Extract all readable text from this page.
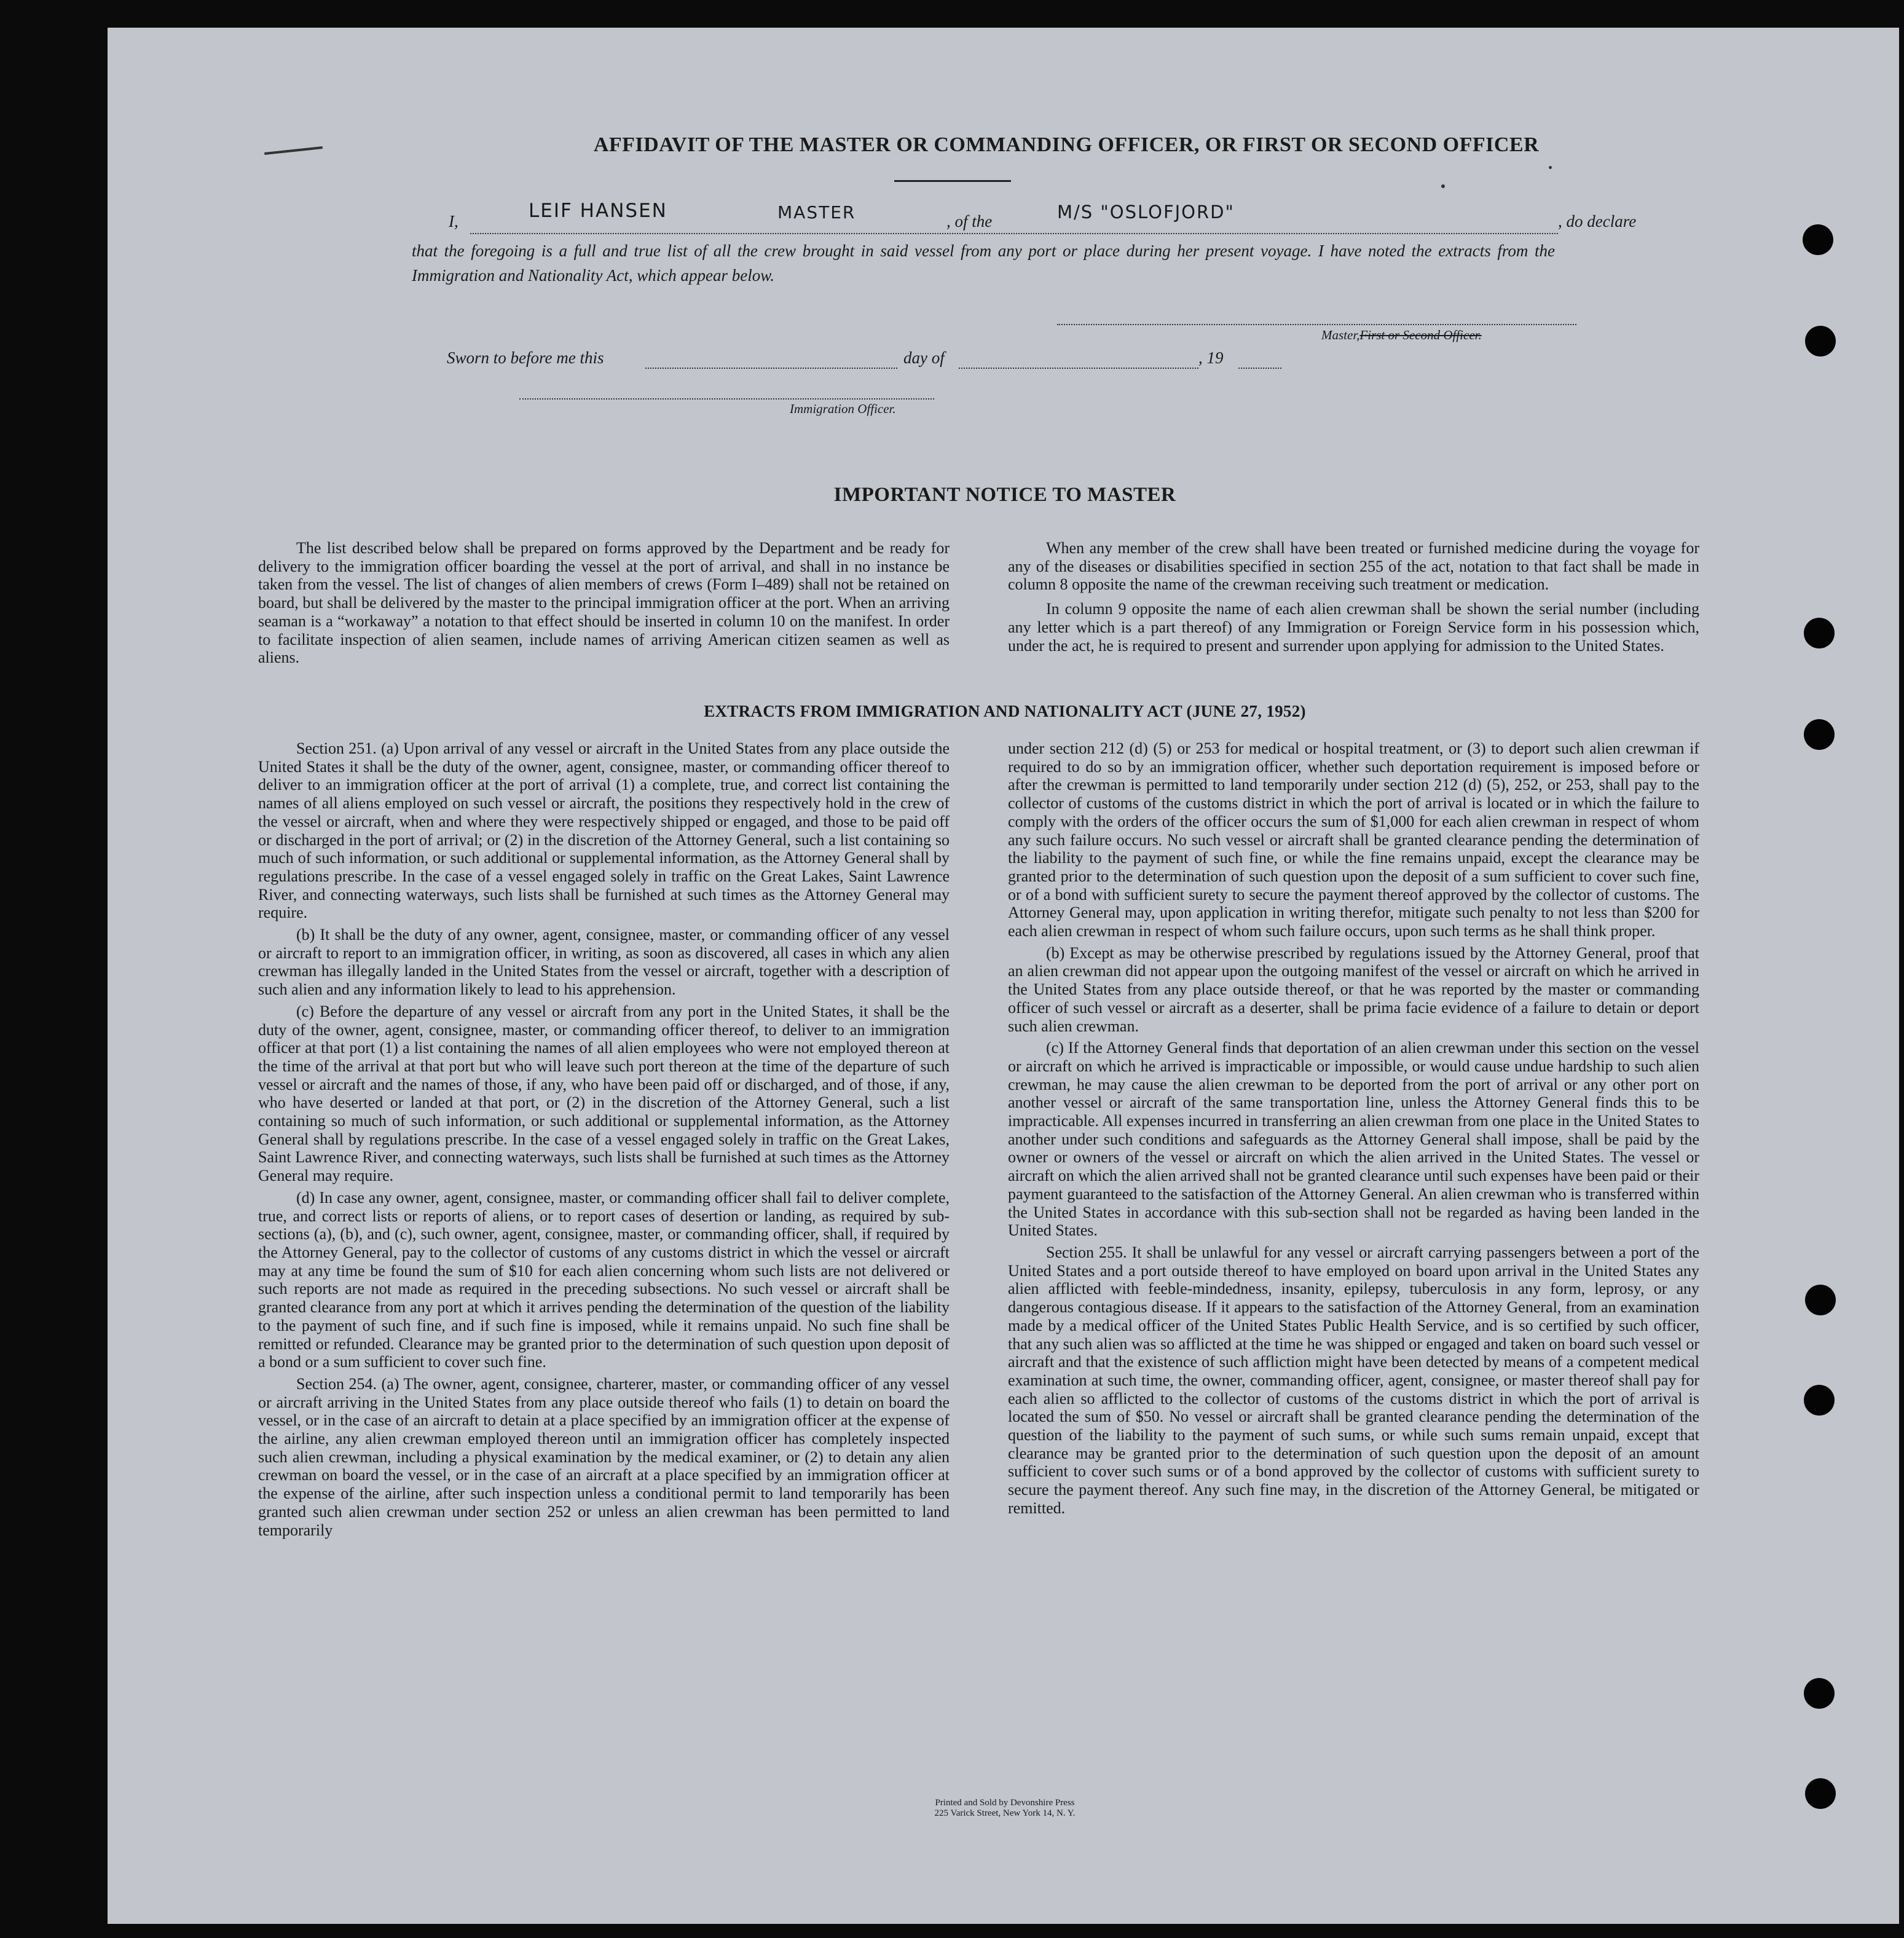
AFFIDAVIT OF THE MASTER OR COMMANDING OFFICER, OR FIRST OR SECOND OFFICER
I,	LEIF HANSEN	MASTER	, of the	M/S "OSLOFJORD"	, do declare
that the foregoing is a full and true list of all the crew brought in said vessel from any port or place during her present voyage. I have noted the extracts from the Immigration and Nationality Act, which appear below.
Master,First or Second Officer.
Sworn to before me this	day of	, 19
Immigration Officer.
IMPORTANT NOTICE TO MASTER

The list described below shall be prepared on forms approved by the Department and be ready for delivery to the immigration officer boarding the vessel at the port of arrival, and shall in no instance be taken from the vessel. The list of changes of alien members of crews (Form I–489) shall not be retained on board, but shall be delivered by the master to the principal immigration officer at the port. When an arriving seaman is a “workaway” a notation to that effect should be inserted in column 10 on the manifest. In order to facilitate inspection of alien seamen, include names of arriving American citizen seamen as well as aliens.

When any member of the crew shall have been treated or furnished medicine during the voyage for any of the diseases or disabilities specified in section 255 of the act, notation to that fact shall be made in column 8 opposite the name of the crewman receiving such treatment or medication.

In column 9 opposite the name of each alien crewman shall be shown the serial number (including any letter which is a part thereof) of any Immigration or Foreign Service form in his possession which, under the act, he is required to present and surrender upon applying for admission to the United States.

EXTRACTS FROM IMMIGRATION AND NATIONALITY ACT (JUNE 27, 1952)

Section 251. (a) Upon arrival of any vessel or aircraft in the United States from any place outside the United States it shall be the duty of the owner, agent, consignee, master, or commanding officer thereof to deliver to an immigration officer at the port of arrival (1) a complete, true, and correct list containing the names of all aliens employed on such vessel or aircraft, the positions they respectively hold in the crew of the vessel or aircraft, when and where they were respectively shipped or engaged, and those to be paid off or discharged in the port of arrival; or (2) in the discretion of the Attorney General, such a list containing so much of such information, or such additional or supplemental information, as the Attorney General shall by regulations prescribe. In the case of a vessel engaged solely in traffic on the Great Lakes, Saint Lawrence River, and connecting waterways, such lists shall be furnished at such times as the Attorney General may require.

(b) It shall be the duty of any owner, agent, consignee, master, or commanding officer of any vessel or aircraft to report to an immigration officer, in writing, as soon as discovered, all cases in which any alien crewman has illegally landed in the United States from the vessel or aircraft, together with a description of such alien and any information likely to lead to his apprehension.

(c) Before the departure of any vessel or aircraft from any port in the United States, it shall be the duty of the owner, agent, consignee, master, or commanding officer thereof, to deliver to an immigration officer at that port (1) a list containing the names of all alien employees who were not employed thereon at the time of the arrival at that port but who will leave such port thereon at the time of the departure of such vessel or aircraft and the names of those, if any, who have been paid off or discharged, and of those, if any, who have deserted or landed at that port, or (2) in the discretion of the Attorney General, such a list containing so much of such information, or such additional or supplemental information, as the Attorney General shall by regulations prescribe. In the case of a vessel engaged solely in traffic on the Great Lakes, Saint Lawrence River, and connecting waterways, such lists shall be furnished at such times as the Attorney General may require.

(d) In case any owner, agent, consignee, master, or commanding officer shall fail to deliver complete, true, and correct lists or reports of aliens, or to report cases of desertion or landing, as required by sub-sections (a), (b), and (c), such owner, agent, consignee, master, or commanding officer, shall, if required by the Attorney General, pay to the collector of customs of any customs district in which the vessel or aircraft may at any time be found the sum of $10 for each alien concerning whom such lists are not delivered or such reports are not made as required in the preceding subsections. No such vessel or aircraft shall be granted clearance from any port at which it arrives pending the determination of the question of the liability to the payment of such fine, and if such fine is imposed, while it remains unpaid. No such fine shall be remitted or refunded. Clearance may be granted prior to the determination of such question upon deposit of a bond or a sum sufficient to cover such fine.

Section 254. (a) The owner, agent, consignee, charterer, master, or commanding officer of any vessel or aircraft arriving in the United States from any place outside thereof who fails (1) to detain on board the vessel, or in the case of an aircraft to detain at a place specified by an immigration officer at the expense of the airline, any alien crewman employed thereon until an immigration officer has completely inspected such alien crewman, including a physical examination by the medical examiner, or (2) to detain any alien crewman on board the vessel, or in the case of an aircraft at a place specified by an immigration officer at the expense of the airline, after such inspection unless a conditional permit to land temporarily has been granted such alien crewman under section 252 or unless an alien crewman has been permitted to land temporarily

under section 212 (d) (5) or 253 for medical or hospital treatment, or (3) to deport such alien crewman if required to do so by an immigration officer, whether such deportation requirement is imposed before or after the crewman is permitted to land temporarily under section 212 (d) (5), 252, or 253, shall pay to the collector of customs of the customs district in which the port of arrival is located or in which the failure to comply with the orders of the officer occurs the sum of $1,000 for each alien crewman in respect of whom any such failure occurs. No such vessel or aircraft shall be granted clearance pending the determination of the liability to the payment of such fine, or while the fine remains unpaid, except the clearance may be granted prior to the determination of such question upon the deposit of a sum sufficient to cover such fine, or of a bond with sufficient surety to secure the payment thereof approved by the collector of customs. The Attorney General may, upon application in writing therefor, mitigate such penalty to not less than $200 for each alien crewman in respect of whom such failure occurs, upon such terms as he shall think proper.

(b) Except as may be otherwise prescribed by regulations issued by the Attorney General, proof that an alien crewman did not appear upon the outgoing manifest of the vessel or aircraft on which he arrived in the United States from any place outside thereof, or that he was reported by the master or commanding officer of such vessel or aircraft as a deserter, shall be prima facie evidence of a failure to detain or deport such alien crewman.

(c) If the Attorney General finds that deportation of an alien crewman under this section on the vessel or aircraft on which he arrived is impracticable or impossible, or would cause undue hardship to such alien crewman, he may cause the alien crewman to be deported from the port of arrival or any other port on another vessel or aircraft of the same transportation line, unless the Attorney General finds this to be impracticable. All expenses incurred in transferring an alien crewman from one place in the United States to another under such conditions and safeguards as the Attorney General shall impose, shall be paid by the owner or owners of the vessel or aircraft on which the alien arrived in the United States. The vessel or aircraft on which the alien arrived shall not be granted clearance until such expenses have been paid or their payment guaranteed to the satisfaction of the Attorney General. An alien crewman who is transferred within the United States in accordance with this sub-section shall not be regarded as having been landed in the United States.

Section 255. It shall be unlawful for any vessel or aircraft carrying passengers between a port of the United States and a port outside thereof to have employed on board upon arrival in the United States any alien afflicted with feeble-mindedness, insanity, epilepsy, tuberculosis in any form, leprosy, or any dangerous contagious disease. If it appears to the satisfaction of the Attorney General, from an examination made by a medical officer of the United States Public Health Service, and is so certified by such officer, that any such alien was so afflicted at the time he was shipped or engaged and taken on board such vessel or aircraft and that the existence of such affliction might have been detected by means of a competent medical examination at such time, the owner, commanding officer, agent, consignee, or master thereof shall pay for each alien so afflicted to the collector of customs of the customs district in which the port of arrival is located the sum of $50. No vessel or aircraft shall be granted clearance pending the determination of the question of the liability to the payment of such sums, or while such sums remain unpaid, except that clearance may be granted prior to the determination of such question upon the deposit of an amount sufficient to cover such sums or of a bond approved by the collector of customs with sufficient surety to secure the payment thereof. Any such fine may, in the discretion of the Attorney General, be mitigated or remitted.

Printed and Sold by Devonshire Press
225 Varick Street, New York 14, N. Y.
